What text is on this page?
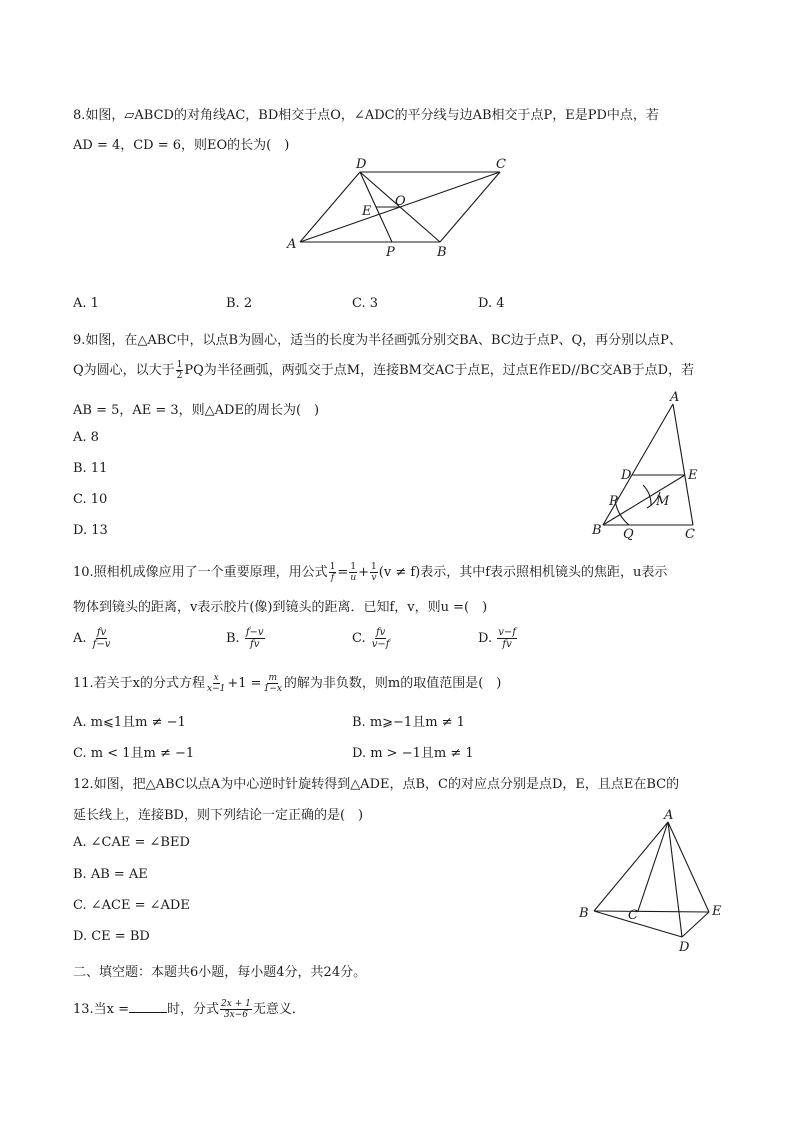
8.如图，▱ABCD的对角线AC，BD相交于点O，∠ADC的平分线与边AB相交于点P，E是PD中点，若
AD = 4，CD = 6，则EO的长为(　)
D	C
A
B
P
E
O
A. 1	B. 2	C. 3	D. 4
9.如图，在△ABC中，以点B为圆心，适当的长度为半径画弧分别交BA、BC边于点P、Q，再分别以点P、
Q为圆心，以大于 $\frac{1}{2}$ PQ为半径画弧，两弧交于点M，连接BM交AC于点E，过点E作ED//BC交AB于点D，若
AB = 5，AE = 3，则△ADE的周长为(　)
A. 8
B. 11
C. 10
D. 13
A
D	E
P	M
B Q	C
10.照相机成像应用了一个重要原理，用公式 $\frac{1}{f} = \frac{1}{u} + \frac{1}{v} (v \ne f)$表示，其中f表示照相机镜头的焦距，u表示
物体到镜头的距离，v表示胶片(像)到镜头的距离．已知f，v，则u =(　)
A. $\frac{fv}{f-v}$	B. $\frac{f-v}{fv}$	C. $\frac{fv}{v-f}$	D. $\frac{v-f}{fv}$
11.若关于x的分式方程 $\frac{x}{x-1} +1 = \frac{m}{1-x}$ 的解为非负数，则m的取值范围是(　)
A. m⩽1且m ≠ −1	B. m⩾−1且m ≠ 1
C. m < 1且m ≠ −1	D. m > −1且m ≠ 1
12.如图，把△ABC以点A为中心逆时针旋转得到△ADE，点B，C的对应点分别是点D，E，且点E在BC的
延长线上，连接BD，则下列结论一定正确的是(　)
A. ∠CAE = ∠BED
B. AB = AE
C. ∠ACE = ∠ADE
D. CE = BD
A
B	C	E
D
二、填空题：本题共6小题，每小题4分，共24分。
13.当x =	时，分式 $\frac{2x + 1}{3x-6}$ 无意义．
